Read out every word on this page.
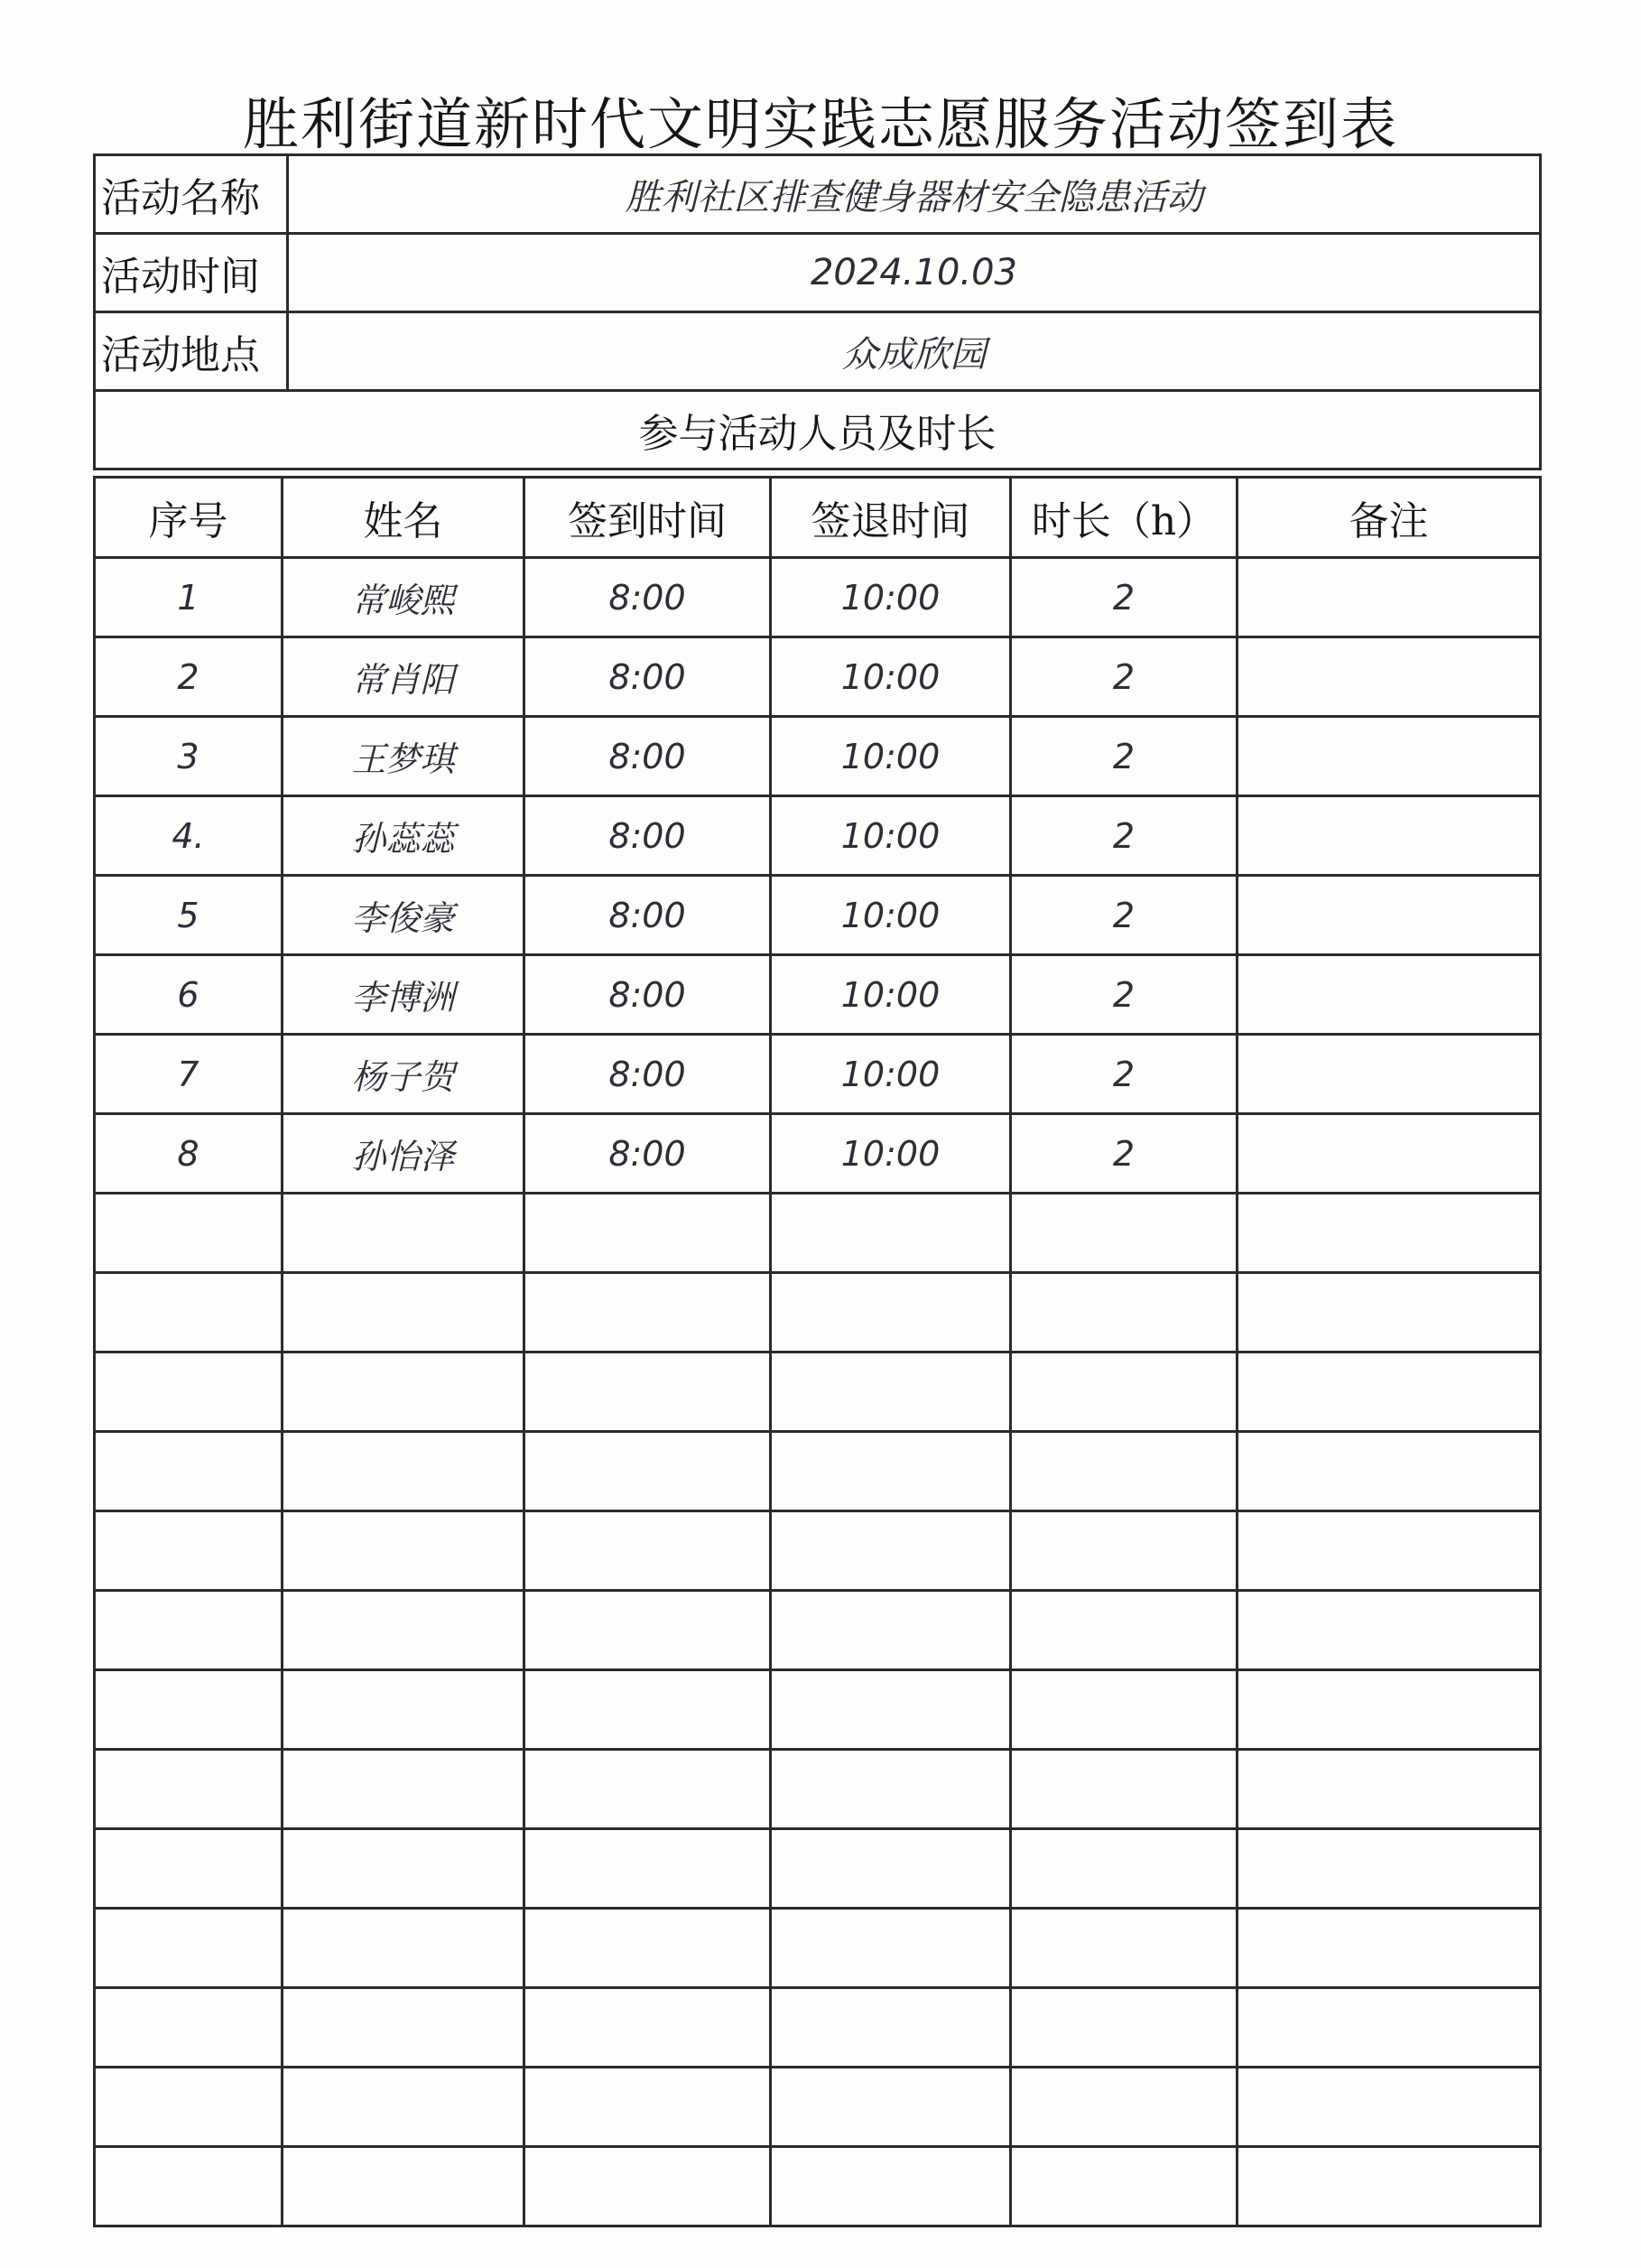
胜利街道新时代文明实践志愿服务活动签到表
活动名称	胜利社区排查健身器材安全隐患活动
活动时间	2024.10.03
活动地点	众成欣园
参与活动人员及时长	
序号	姓名	签到时间	签退时间	时长（h）	备注
1	常峻熙	8:00	10:00	2	
2	常肖阳	8:00	10:00	2	
3	王梦琪	8:00	10:00	2	
4.	孙蕊蕊	8:00	10:00	2	
5	李俊豪	8:00	10:00	2	
6	李博洲	8:00	10:00	2	
7	杨子贺	8:00	10:00	2	
8	孙怡泽	8:00	10:00	2	
